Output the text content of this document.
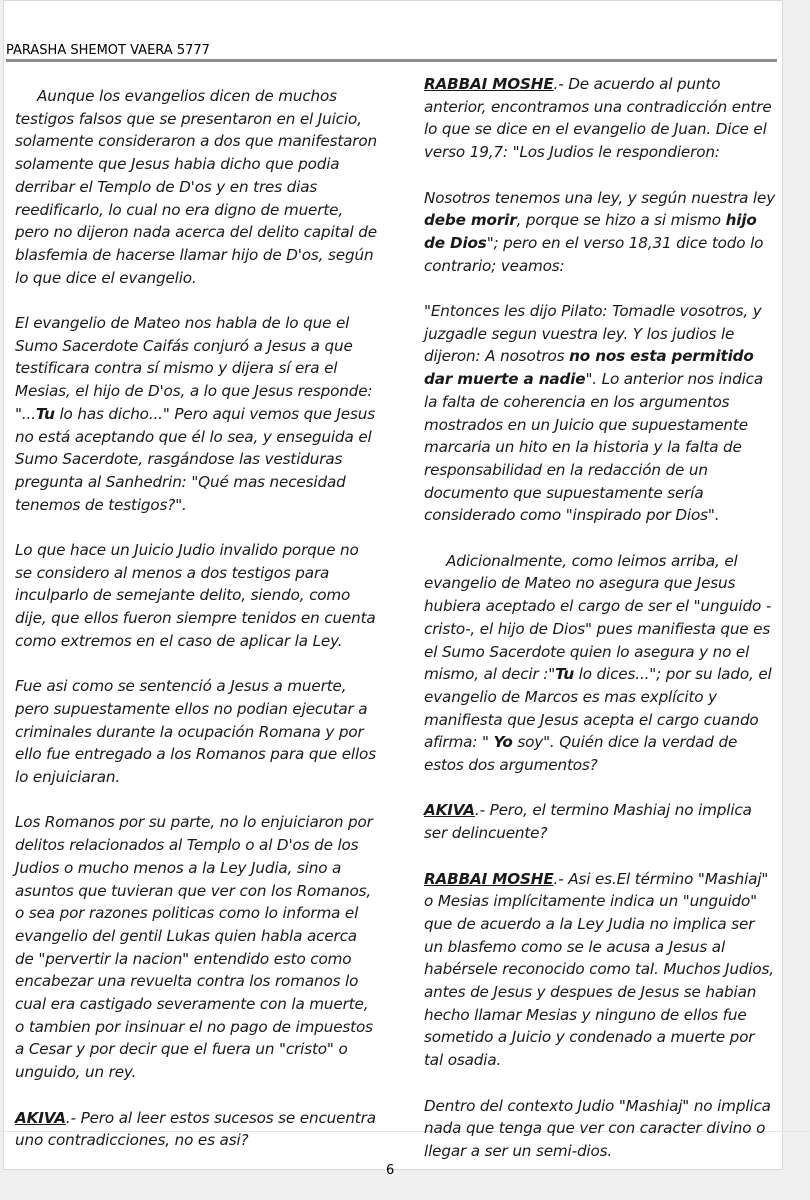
PARASHA SHEMOT VAERA 5777

Aunque los evangelios dicen de muchos testigos falsos que se presentaron en el Juicio, solamente consideraron a dos que manifestaron solamente que Jesus habia dicho que podia derribar el Templo de D'os y en tres dias reedificarlo, lo cual no era digno de muerte, pero no dijeron nada acerca del delito capital de blasfemia de hacerse llamar hijo de D'os, según lo que dice el evangelio.

El evangelio de Mateo nos habla de lo que el Sumo Sacerdote Caifás conjuró a Jesus a que testificara contra sí mismo y dijera sí era el Mesias, el hijo de D'os, a lo que Jesus responde: "...Tu lo has dicho..." Pero aqui vemos que Jesus no está aceptando que él lo sea, y enseguida el Sumo Sacerdote, rasgándose las vestiduras pregunta al Sanhedrin: "Qué mas necesidad tenemos de testigos?".

Lo que hace un Juicio Judio invalido porque no se considero al menos a dos testigos para inculparlo de semejante delito, siendo, como dije, que ellos fueron siempre tenidos en cuenta como extremos en el caso de aplicar la Ley.

Fue asi como se sentenció a Jesus a muerte, pero supuestamente ellos no podian ejecutar a criminales durante la ocupación Romana y por ello fue entregado a los Romanos para que ellos lo enjuiciaran.

Los Romanos por su parte, no lo enjuiciaron por delitos relacionados al Templo o al D'os de los Judios o mucho menos a la Ley Judia, sino a asuntos que tuvieran que ver con los Romanos, o sea por razones politicas como lo informa el evangelio del gentil Lukas quien habla acerca de "pervertir la nacion" entendido esto como encabezar una revuelta contra los romanos lo cual era castigado severamente con la muerte, o tambien por insinuar el no pago de impuestos a Cesar y por decir que el fuera un "cristo" o unguido, un rey.

AKIVA.- Pero al leer estos sucesos se encuentra uno contradicciones, no es asi?

RABBAI MOSHE.- De acuerdo al punto anterior, encontramos una contradicción entre lo que se dice en el evangelio de Juan. Dice el verso 19,7: "Los Judios le respondieron:

Nosotros tenemos una ley, y según nuestra ley debe morir, porque se hizo a si mismo hijo de Dios"; pero en el verso 18,31 dice todo lo contrario; veamos:

"Entonces les dijo Pilato: Tomadle vosotros, y juzgadle segun vuestra ley. Y los judios le dijeron: A nosotros no nos esta permitido dar muerte a nadie". Lo anterior nos indica la falta de coherencia en los argumentos mostrados en un Juicio que supuestamente marcaria un hito en la historia y la falta de responsabilidad en la redacción de un documento que supuestamente sería considerado como "inspirado por Dios".

Adicionalmente, como leimos arriba, el evangelio de Mateo no asegura que Jesus hubiera aceptado el cargo de ser el "unguido - cristo-, el hijo de Dios" pues manifiesta que es el Sumo Sacerdote quien lo asegura y no el mismo, al decir :"Tu lo dices..."; por su lado, el evangelio de Marcos es mas explícito y manifiesta que Jesus acepta el cargo cuando afirma: " Yo soy". Quién dice la verdad de estos dos argumentos?

AKIVA.- Pero, el termino Mashiaj no implica ser delincuente?

RABBAI MOSHE.- Asi es.El término "Mashiaj" o Mesias implícitamente indica un "unguido" que de acuerdo a la Ley Judia no implica ser un blasfemo como se le acusa a Jesus al habérsele reconocido como tal. Muchos Judios, antes de Jesus y despues de Jesus se habian hecho llamar Mesias y ninguno de ellos fue sometido a Juicio y condenado a muerte por tal osadia.

Dentro del contexto Judio "Mashiaj" no implica nada que tenga que ver con caracter divino o llegar a ser un semi-dios.

6
